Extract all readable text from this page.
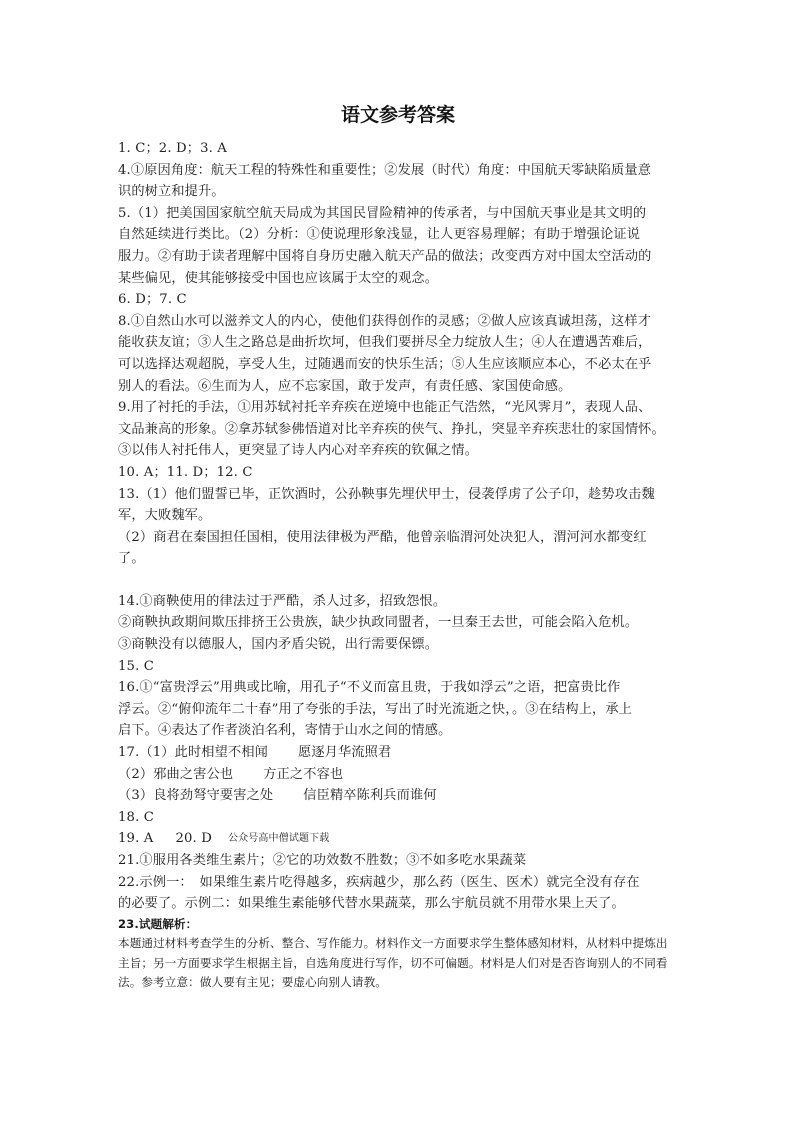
语文参考答案
1. C；2. D；3. A
4.①原因角度：航天工程的特殊性和重要性；②发展（时代）角度：中国航天零缺陷质量意
识的树立和提升。
5.（1）把美国国家航空航天局成为其国民冒险精神的传承者，与中国航天事业是其文明的
自然延续进行类比。（2）分析：①使说理形象浅显，让人更容易理解；有助于增强论证说
服力。②有助于读者理解中国将自身历史融入航天产品的做法；改变西方对中国太空活动的
某些偏见，使其能够接受中国也应该属于太空的观念。
6. D；7. C
8.①自然山水可以滋养文人的内心，使他们获得创作的灵感；②做人应该真诚坦荡，这样才
能收获友谊；③人生之路总是曲折坎坷，但我们要拼尽全力绽放人生；④人在遭遇苦难后，
可以选择达观超脱，享受人生，过随遇而安的快乐生活；⑤人生应该顺应本心，不必太在乎
别人的看法。⑥生而为人，应不忘家国，敢于发声，有责任感、家国使命感。
9.用了衬托的手法，①用苏轼衬托辛弃疾在逆境中也能正气浩然，“光风霁月”，表现人品、
文品兼高的形象。②拿苏轼参佛悟道对比辛弃疾的侠气、挣扎，突显辛弃疾悲壮的家国情怀。
③以伟人衬托伟人，更突显了诗人内心对辛弃疾的钦佩之情。
10. A；11. D；12. C
13.（1）他们盟誓已毕，正饮酒时，公孙鞅事先埋伏甲士，侵袭俘虏了公子卬，趁势攻击魏
军，大败魏军。
（2）商君在秦国担任国相，使用法律极为严酷，他曾亲临渭河处决犯人，渭河河水都变红
了。
14.①商鞅使用的律法过于严酷，杀人过多，招致怨恨。
②商鞅执政期间欺压排挤王公贵族，缺少执政同盟者，一旦秦王去世，可能会陷入危机。
③商鞅没有以德服人，国内矛盾尖锐，出行需要保镖。
15. C
16.①“富贵浮云”用典或比喻，用孔子“不义而富且贵，于我如浮云”之语，把富贵比作
浮云。②“俯仰流年二十春”用了夸张的手法，写出了时光流逝之快，。③在结构上，承上
启下。④表达了作者淡泊名利，寄情于山水之间的情感。
17.（1）此时相望不相闻 愿逐月华流照君
（2）邪曲之害公也 方正之不容也
（3）良将劲弩守要害之处 信臣精卒陈利兵而谁何
18. C
19. A 20. D 公众号高中僧试题下载
21.①服用各类维生素片；②它的功效数不胜数；③不如多吃水果蔬菜
22.示例一：　如果维生素片吃得越多，疾病越少，那么药（医生、医术）就完全没有存在
的必要了。示例二：如果维生素能够代替水果蔬菜，那么宇航员就不用带水果上天了。
23.试题解析：
本题通过材料考查学生的分析、整合、写作能力。材料作文一方面要求学生整体感知材料，从材料中提炼出主旨；另一方面要求学生根据主旨，自选角度进行写作，切不可偏题。材料是人们对是否咨询别人的不同看法。参考立意：做人要有主见；要虚心向别人请教。
